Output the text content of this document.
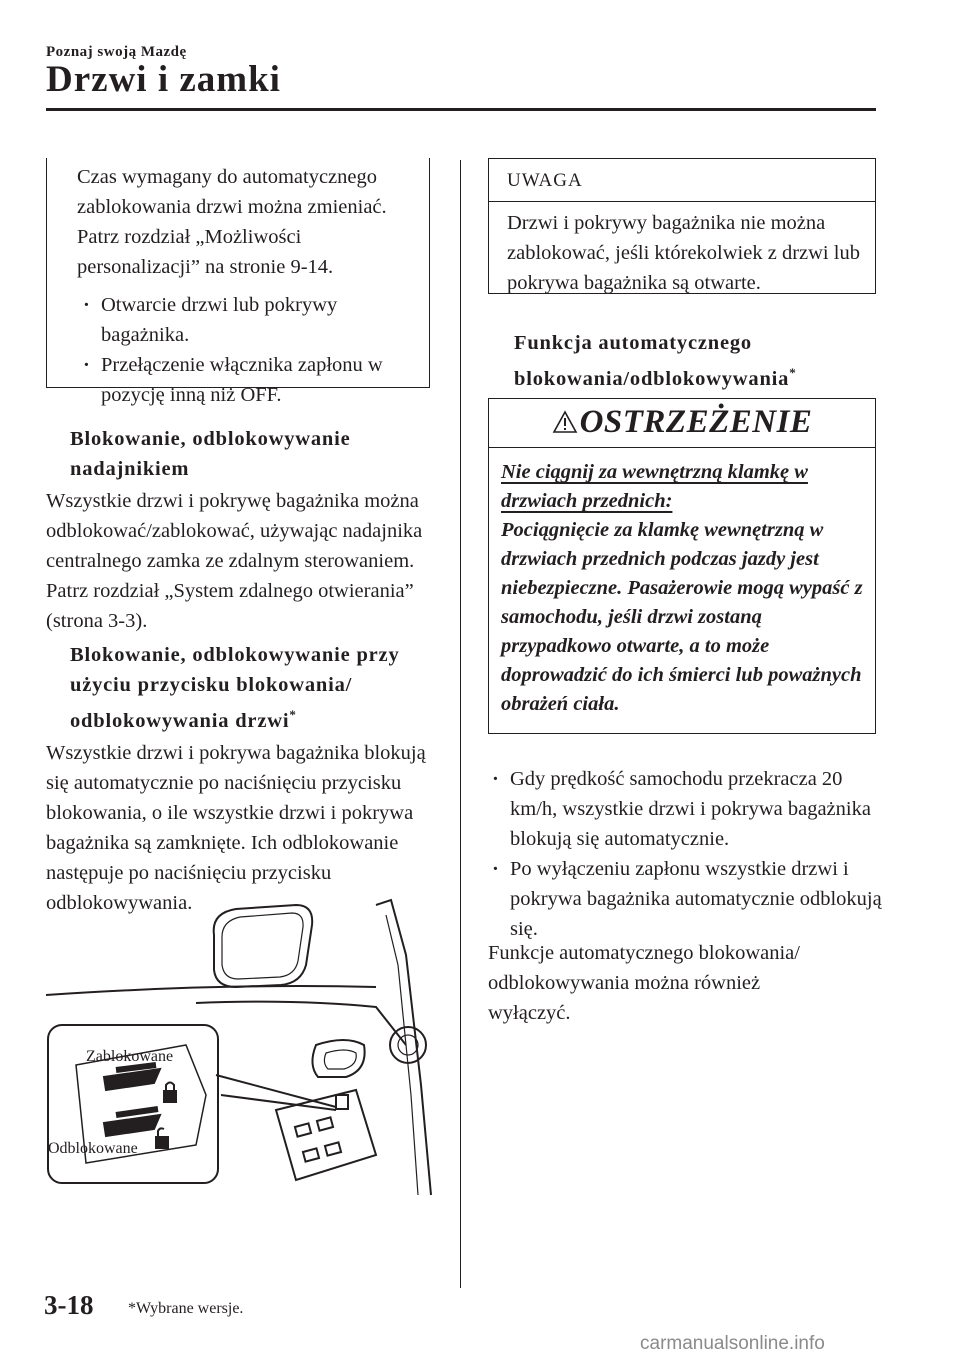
Poznaj swoją Mazdę
Drzwi i zamki
Czas wymagany do automatycznego zablokowania drzwi można zmieniać. Patrz rozdział „Możliwości personalizacji” na stronie 9-14.
· Otwarcie drzwi lub pokrywy bagażnika.
· Przełączenie włącznika zapłonu w pozycję inną niż OFF.
Blokowanie, odblokowywanie nadajnikiem
Wszystkie drzwi i pokrywę bagażnika można odblokować/zablokować, używając nadajnika centralnego zamka ze zdalnym sterowaniem. Patrz rozdział „System zdalnego otwierania” (strona 3-3).
Blokowanie, odblokowywanie przy użyciu przycisku blokowania/ odblokowywania drzwi*
Wszystkie drzwi i pokrywa bagażnika blokują się automatycznie po naciśnięciu przycisku blokowania, o ile wszystkie drzwi i pokrywa bagażnika są zamknięte. Ich odblokowanie następuje po naciśnięciu przycisku odblokowywania.
Zablokowane
Odblokowane
UWAGA
Drzwi i pokrywy bagażnika nie można zablokować, jeśli którekolwiek z drzwi lub pokrywa bagażnika są otwarte.
Funkcja automatycznego blokowania/odblokowywania*
OSTRZEŻENIE
Nie ciągnij za wewnętrzną klamkę w drzwiach przednich:
Pociągnięcie za klamkę wewnętrzną w drzwiach przednich podczas jazdy jest niebezpieczne. Pasażerowie mogą wypaść z samochodu, jeśli drzwi zostaną przypadkowo otwarte, a to może doprowadzić do ich śmierci lub poważnych obrażeń ciała.
· Gdy prędkość samochodu przekracza 20 km/h, wszystkie drzwi i pokrywa bagażnika blokują się automatycznie.
· Po wyłączeniu zapłonu wszystkie drzwi i pokrywa bagażnika automatycznie odblokują się.
Funkcje automatycznego blokowania/ odblokowywania można również wyłączyć.
3-18 *Wybrane wersje.
carmanualsonline.info
